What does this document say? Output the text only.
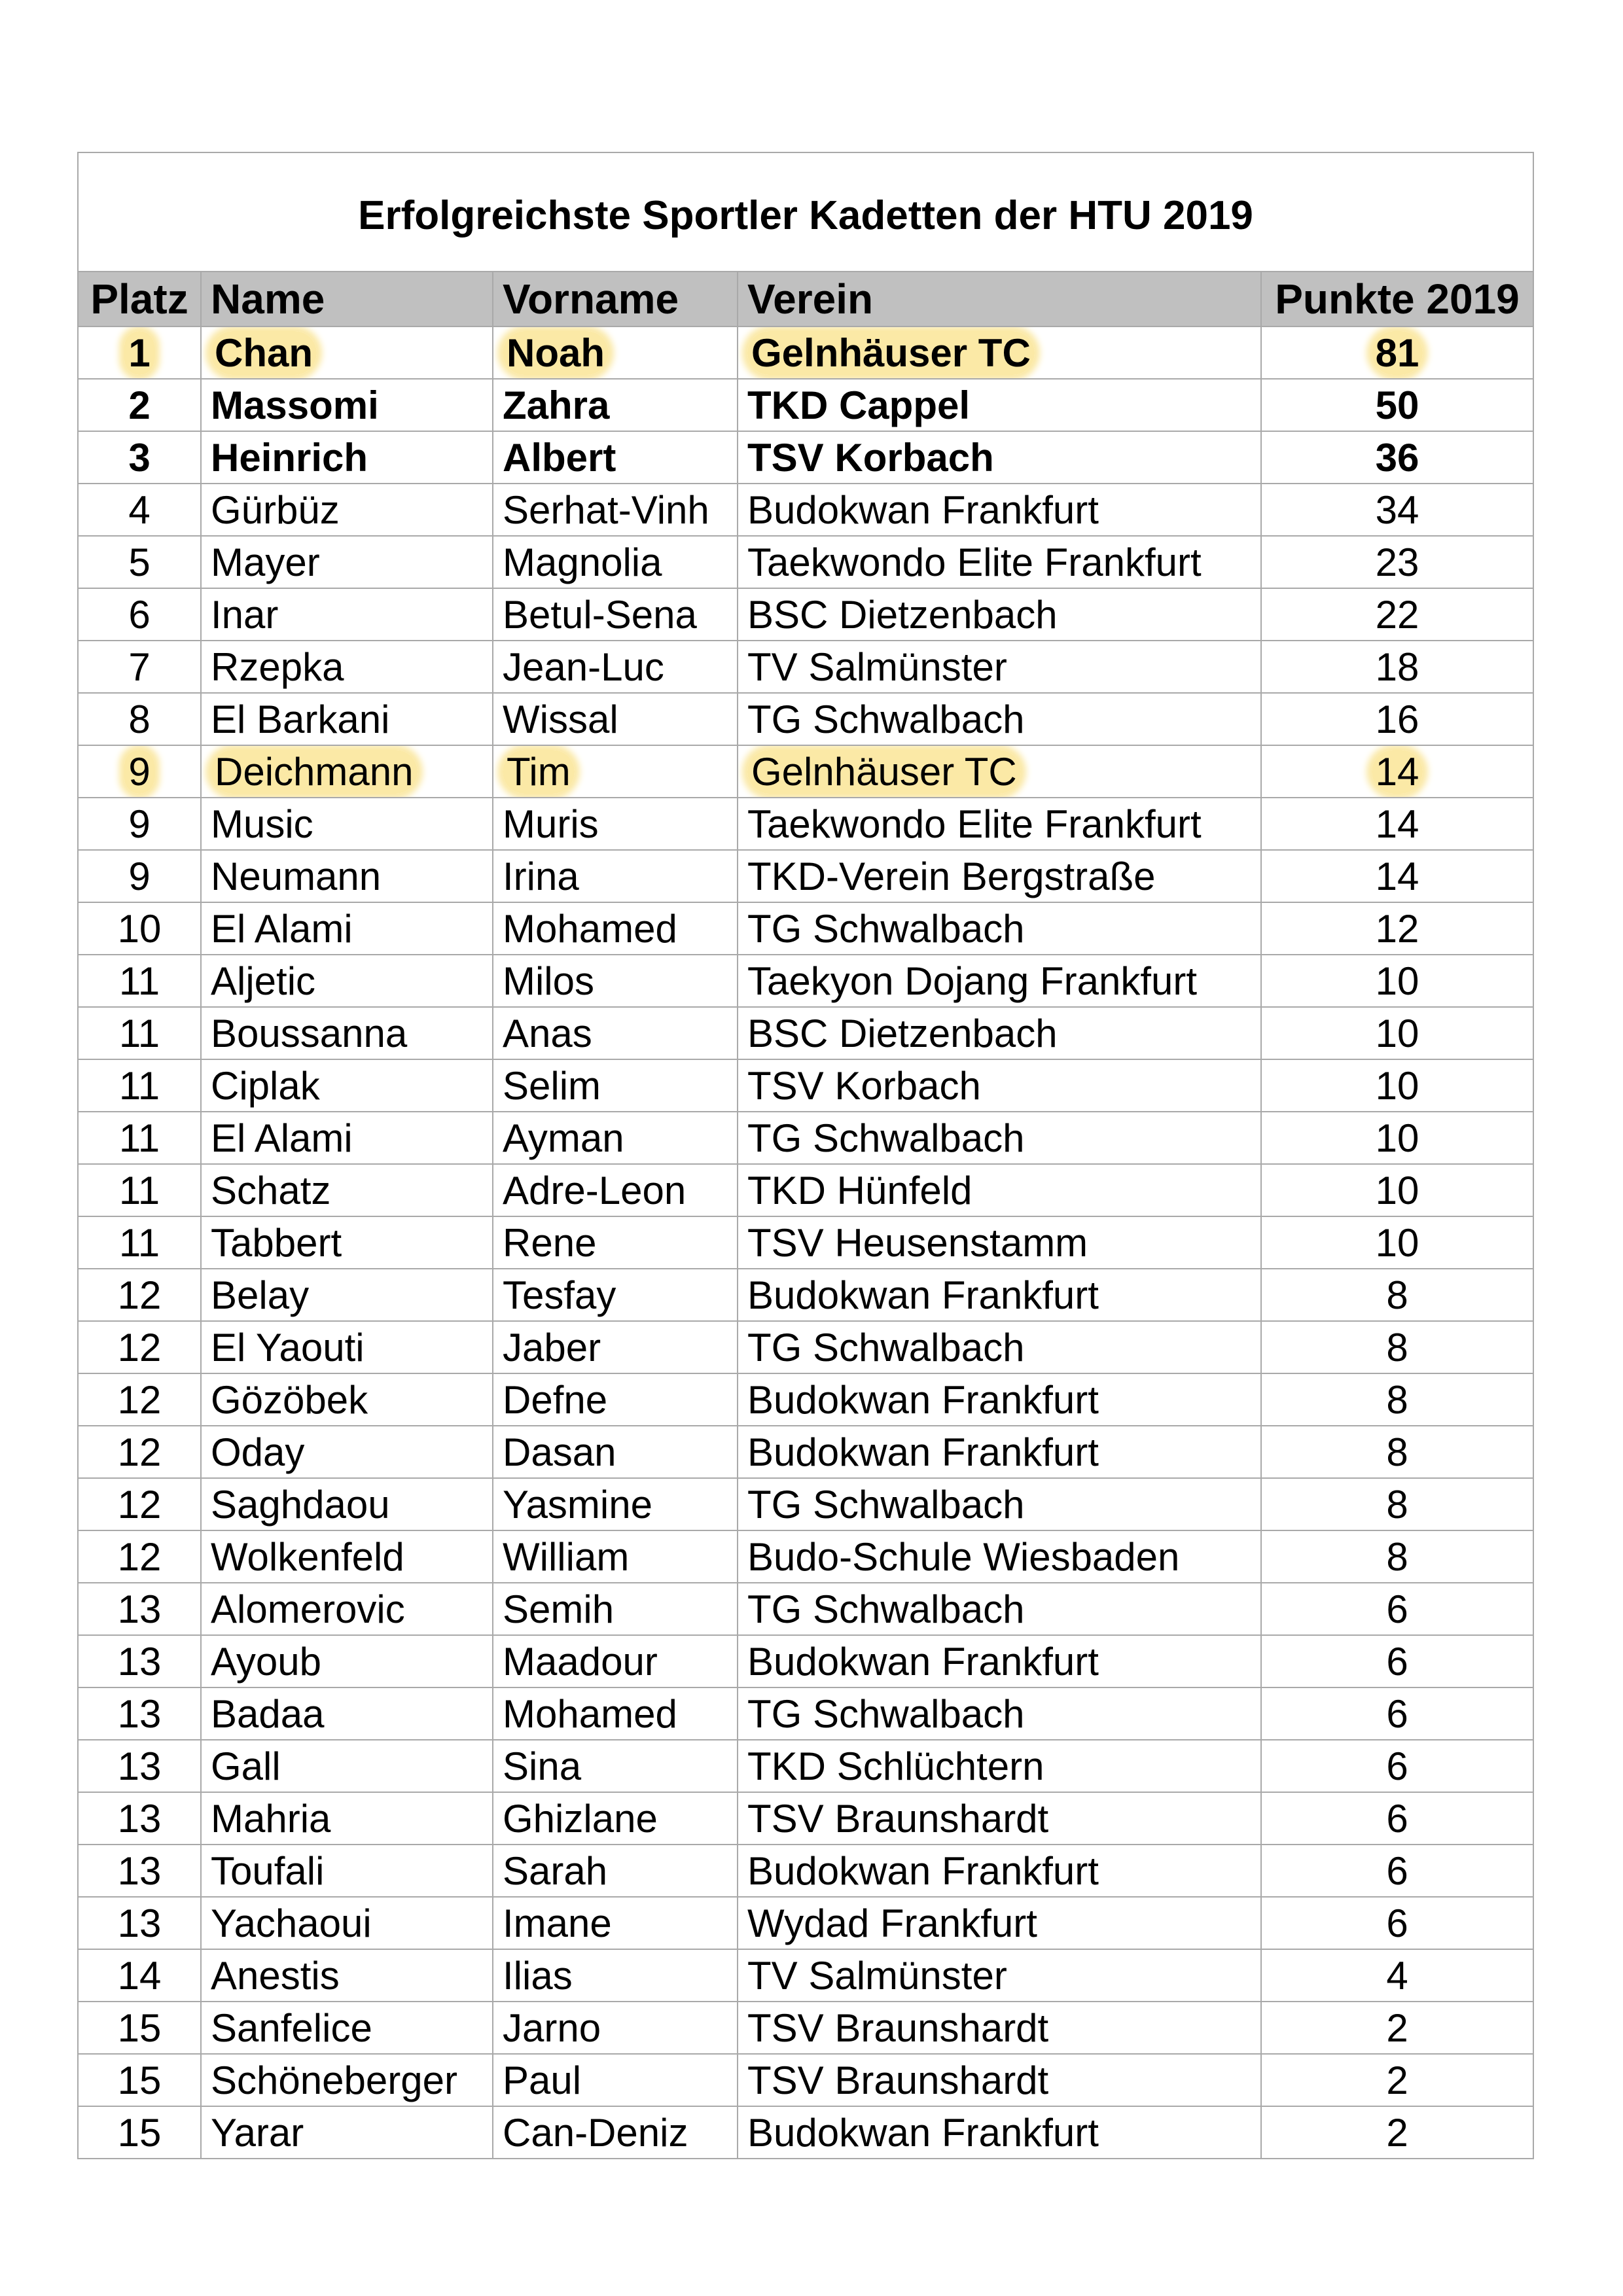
Erfolgreichste Sportler Kadetten der HTU 2019				
Platz	Name	Vorname	Verein	Punkte 2019
1	Chan	Noah	Gelnhäuser TC	81
2	Massomi	Zahra	TKD Cappel	50
3	Heinrich	Albert	TSV Korbach	36
4	Gürbüz	Serhat-Vinh	Budokwan Frankfurt	34
5	Mayer	Magnolia	Taekwondo Elite Frankfurt	23
6	Inar	Betul-Sena	BSC Dietzenbach	22
7	Rzepka	Jean-Luc	TV Salmünster	18
8	El Barkani	Wissal	TG Schwalbach	16
9	Deichmann	Tim	Gelnhäuser TC	14
9	Music	Muris	Taekwondo Elite Frankfurt	14
9	Neumann	Irina	TKD-Verein Bergstraße	14
10	El Alami	Mohamed	TG Schwalbach	12
11	Aljetic	Milos	Taekyon Dojang Frankfurt	10
11	Boussanna	Anas	BSC Dietzenbach	10
11	Ciplak	Selim	TSV Korbach	10
11	El Alami	Ayman	TG Schwalbach	10
11	Schatz	Adre-Leon	TKD Hünfeld	10
11	Tabbert	Rene	TSV Heusenstamm	10
12	Belay	Tesfay	Budokwan Frankfurt	8
12	El Yaouti	Jaber	TG Schwalbach	8
12	Gözöbek	Defne	Budokwan Frankfurt	8
12	Oday	Dasan	Budokwan Frankfurt	8
12	Saghdaou	Yasmine	TG Schwalbach	8
12	Wolkenfeld	William	Budo-Schule Wiesbaden	8
13	Alomerovic	Semih	TG Schwalbach	6
13	Ayoub	Maadour	Budokwan Frankfurt	6
13	Badaa	Mohamed	TG Schwalbach	6
13	Gall	Sina	TKD Schlüchtern	6
13	Mahria	Ghizlane	TSV Braunshardt	6
13	Toufali	Sarah	Budokwan Frankfurt	6
13	Yachaoui	Imane	Wydad Frankfurt	6
14	Anestis	Ilias	TV Salmünster	4
15	Sanfelice	Jarno	TSV Braunshardt	2
15	Schöneberger	Paul	TSV Braunshardt	2
15	Yarar	Can-Deniz	Budokwan Frankfurt	2
